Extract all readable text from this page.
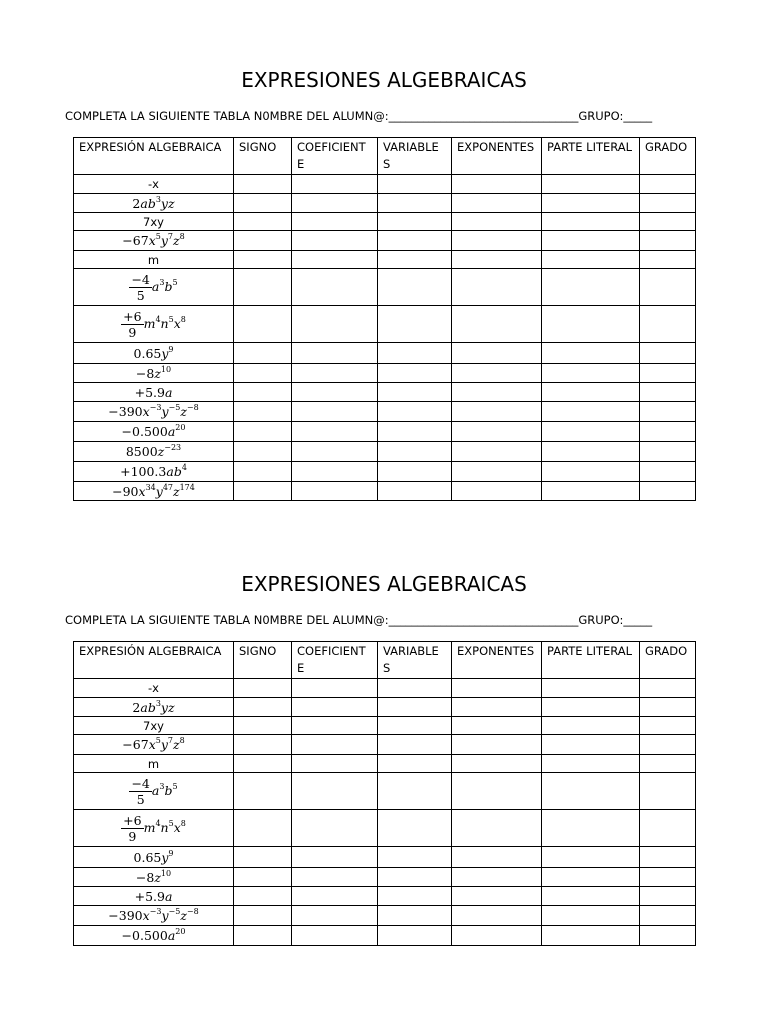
EXPRESIONES ALGEBRAICAS
COMPLETA LA SIGUIENTE TABLA N0MBRE DEL ALUMN@:_________________________________GRUPO:_____
EXPRESIÓN ALGEBRAICA	SIGNO	COEFICIENTE	VARIABLES	EXPONENTES	PARTE LITERAL	GRADO
-x						
$2ab^3yz$						
7xy						
$-67x^5y^7z^8$						
m						

$\frac{-4}{5} a^3b^5$						

$\frac{+6}{9} m^4n^5x^8$						
$0.65y^9$						
$-8z^{10}$						
+5.9a						
$-390x^{-3}y^{-5}z^{-8}$						
$-0.500a^{20}$						
$8500z^{-23}$						
$+100.3ab^4$						
$-90x^{34}y^{47}z^{174}$						
EXPRESIONES ALGEBRAICAS
COMPLETA LA SIGUIENTE TABLA N0MBRE DEL ALUMN@:_________________________________GRUPO:_____
EXPRESIÓN ALGEBRAICA	SIGNO	COEFICIENTE	VARIABLES	EXPONENTES	PARTE LITERAL	GRADO
-x						
$2ab^3yz$						
7xy						
$-67x^5y^7z^8$						
m						

$\frac{-4}{5} a^3b^5$						

$\frac{+6}{9} m^4n^5x^8$						
$0.65y^9$						
$-8z^{10}$						
+5.9a						
$-390x^{-3}y^{-5}z^{-8}$						
$-0.500a^{20}$						
